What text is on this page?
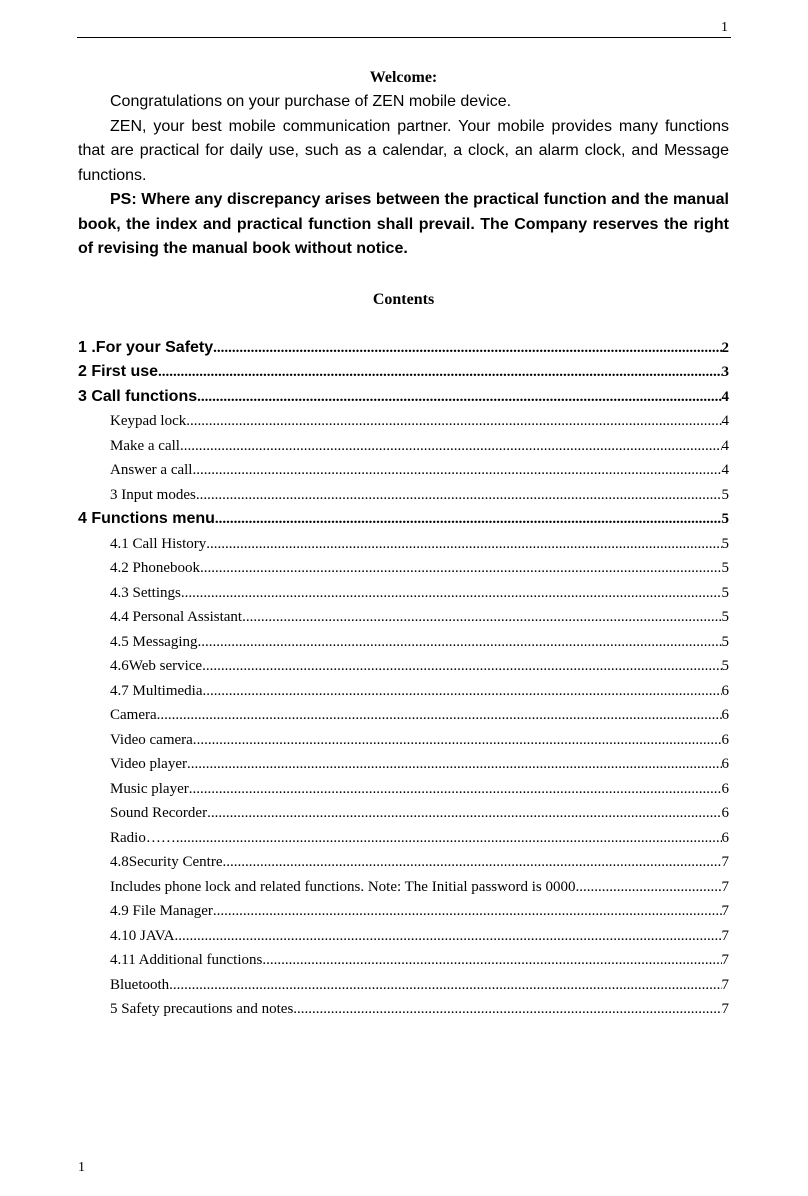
1
Welcome:

Congratulations on your purchase of ZEN mobile device.

ZEN, your best mobile communication partner. Your mobile provides many functions that are practical for daily use, such as a calendar, a clock, an alarm clock, and Message functions.

PS: Where any discrepancy arises between the practical function and the manual book, the index and practical function shall prevail. The Company reserves the right of revising the manual book without notice.

Contents
1 .For your Safety .....	2
2 First use .....	3
3 Call functions .....	4
Keypad lock .....	4
Make a call .....	4
Answer a call .....	4
3 Input modes .....	5
4 Functions menu .....	5
4.1 Call History .....	5
4.2 Phonebook .....	5
4.3 Settings .....	5
4.4 Personal Assistant .....	5
4.5 Messaging .....	5
4.6Web service .....	5
4.7 Multimedia.. .....	6
Camera .....	6
Video camera. .....	6
Video player .....	6
Music player .....	6
Sound Recorder .....	6
Radio…… .....	6
4.8Security Centre .....	7
Includes phone lock and related functions. Note: The Initial password is 0000. .....	7
4.9 File Manager .....	7
4.10 JAVA .....	7
4.11 Additional functions .....	7
Bluetooth .....	7
5 Safety precautions and notes .....	7
1
